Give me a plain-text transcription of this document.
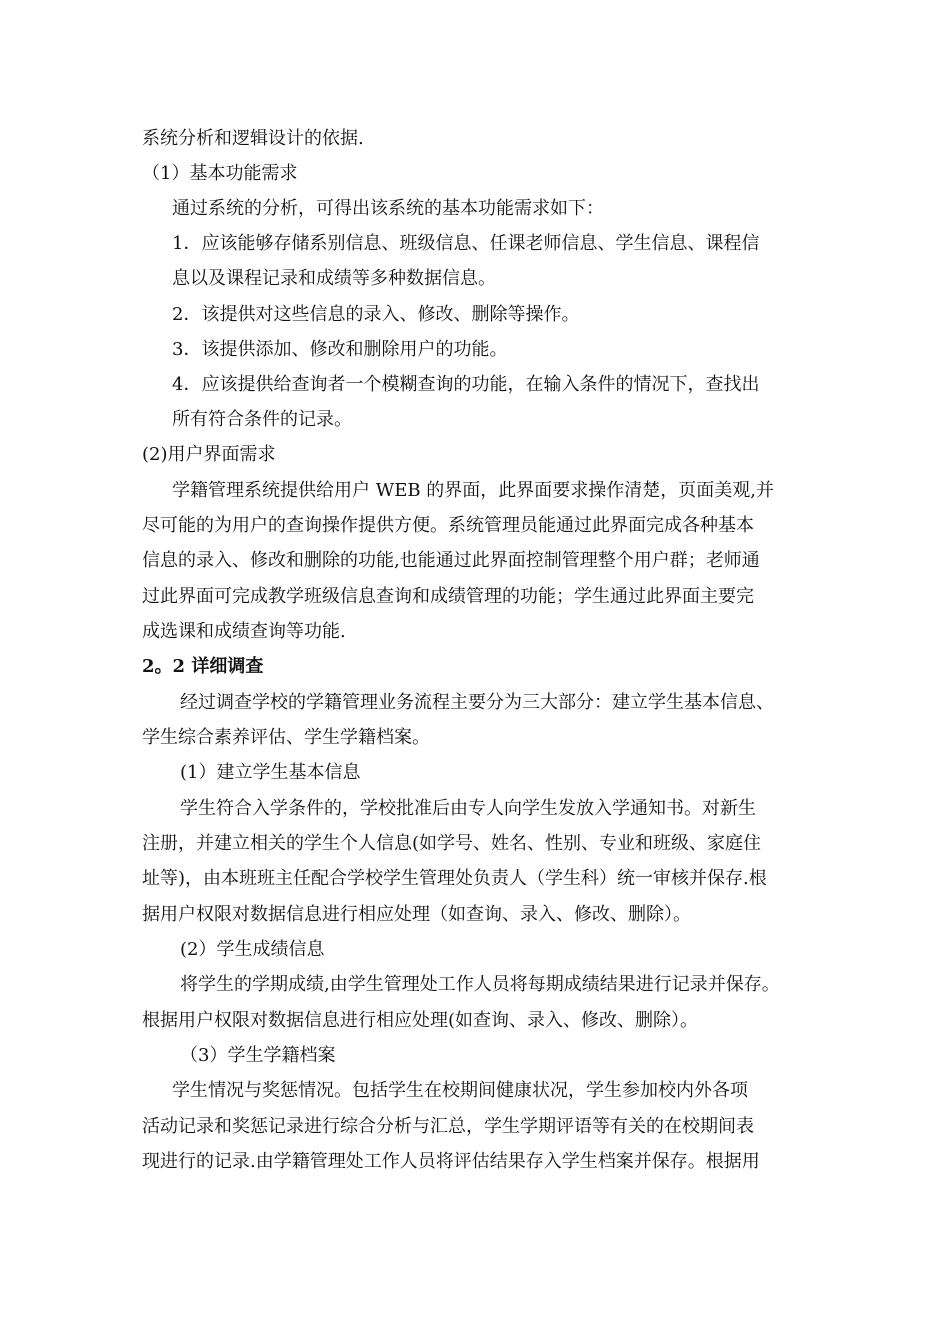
系统分析和逻辑设计的依据.
（1）基本功能需求
通过系统的分析，可得出该系统的基本功能需求如下：
1．应该能够存储系别信息、班级信息、任课老师信息、学生信息、课程信
息以及课程记录和成绩等多种数据信息。
2．该提供对这些信息的录入、修改、删除等操作。
3．该提供添加、修改和删除用户的功能。
4．应该提供给查询者一个模糊查询的功能，在输入条件的情况下，查找出
所有符合条件的记录。
(2)用户界面需求
学籍管理系统提供给用户 WEB 的界面，此界面要求操作清楚，页面美观,并
尽可能的为用户的查询操作提供方便。系统管理员能通过此界面完成各种基本
信息的录入、修改和删除的功能,也能通过此界面控制管理整个用户群；老师通
过此界面可完成教学班级信息查询和成绩管理的功能；学生通过此界面主要完
成选课和成绩查询等功能.
2。2 详细调查
经过调查学校的学籍管理业务流程主要分为三大部分：建立学生基本信息、
学生综合素养评估、学生学籍档案。
(1）建立学生基本信息
学生符合入学条件的，学校批准后由专人向学生发放入学通知书。对新生
注册，并建立相关的学生个人信息(如学号、姓名、性别、专业和班级、家庭住
址等)，由本班班主任配合学校学生管理处负责人（学生科）统一审核并保存.根
据用户权限对数据信息进行相应处理（如查询、录入、修改、删除）。
(2）学生成绩信息
将学生的学期成绩,由学生管理处工作人员将每期成绩结果进行记录并保存。
根据用户权限对数据信息进行相应处理(如查询、录入、修改、删除）。
（3）学生学籍档案
学生情况与奖惩情况。包括学生在校期间健康状况，学生参加校内外各项
活动记录和奖惩记录进行综合分析与汇总，学生学期评语等有关的在校期间表
现进行的记录.由学籍管理处工作人员将评估结果存入学生档案并保存。根据用
